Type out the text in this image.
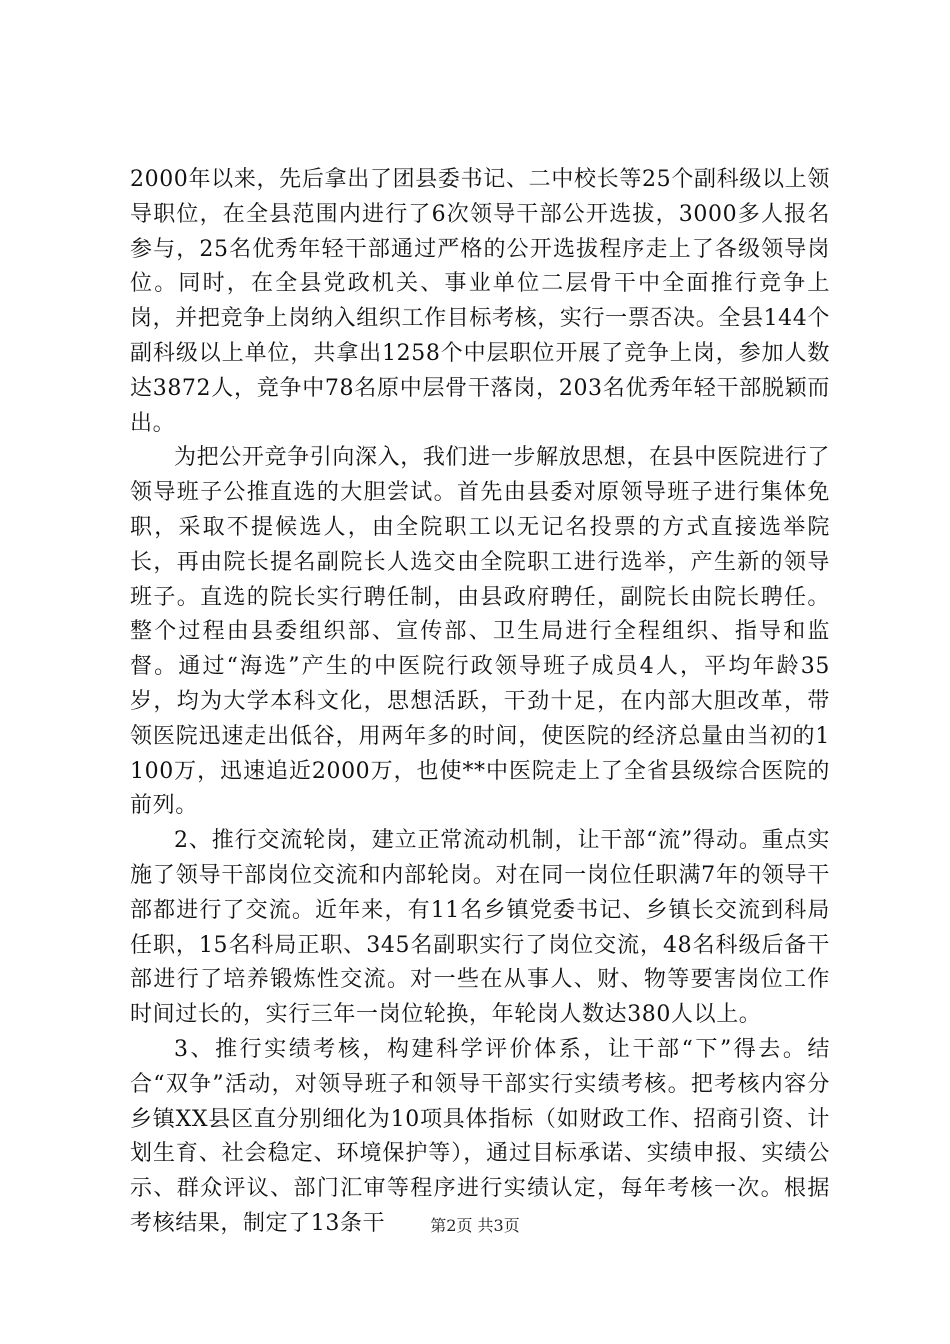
2000年以来，先后拿出了团县委书记、二中校长等25个副科级以上领导职位，在全县范围内进行了6次领导干部公开选拔，3000多人报名参与，25名优秀年轻干部通过严格的公开选拔程序走上了各级领导岗位。同时，在全县党政机关、事业单位二层骨干中全面推行竞争上岗，并把竞争上岗纳入组织工作目标考核，实行一票否决。全县144个副科级以上单位，共拿出1258个中层职位开展了竞争上岗，参加人数达3872人，竞争中78名原中层骨干落岗，203名优秀年轻干部脱颖而出。

为把公开竞争引向深入，我们进一步解放思想，在县中医院进行了领导班子公推直选的大胆尝试。首先由县委对原领导班子进行集体免职，采取不提候选人，由全院职工以无记名投票的方式直接选举院长，再由院长提名副院长人选交由全院职工进行选举，产生新的领导班子。直选的院长实行聘任制，由县政府聘任，副院长由院长聘任。整个过程由县委组织部、宣传部、卫生局进行全程组织、指导和监督。通过“海选”产生的中医院行政领导班子成员4人，平均年龄35岁，均为大学本科文化，思想活跃，干劲十足，在内部大胆改革，带领医院迅速走出低谷，用两年多的时间，使医院的经济总量由当初的1100万，迅速追近2000万，也使**中医院走上了全省县级综合医院的前列。

2、推行交流轮岗，建立正常流动机制，让干部“流”得动。重点实施了领导干部岗位交流和内部轮岗。对在同一岗位任职满7年的领导干部都进行了交流。近年来，有11名乡镇党委书记、乡镇长交流到科局任职，15名科局正职、345名副职实行了岗位交流，48名科级后备干部进行了培养锻炼性交流。对一些在从事人、财、物等要害岗位工作时间过长的，实行三年一岗位轮换，年轮岗人数达380人以上。

3、推行实绩考核，构建科学评价体系，让干部“下”得去。结合“双争”活动，对领导班子和领导干部实行实绩考核。把考核内容分乡镇XX县区直分别细化为10项具体指标（如财政工作、招商引资、计划生育、社会稳定、环境保护等），通过目标承诺、实绩申报、实绩公示、群众评议、部门汇审等程序进行实绩认定，每年考核一次。根据考核结果，制定了13条干	第2页 共3页
